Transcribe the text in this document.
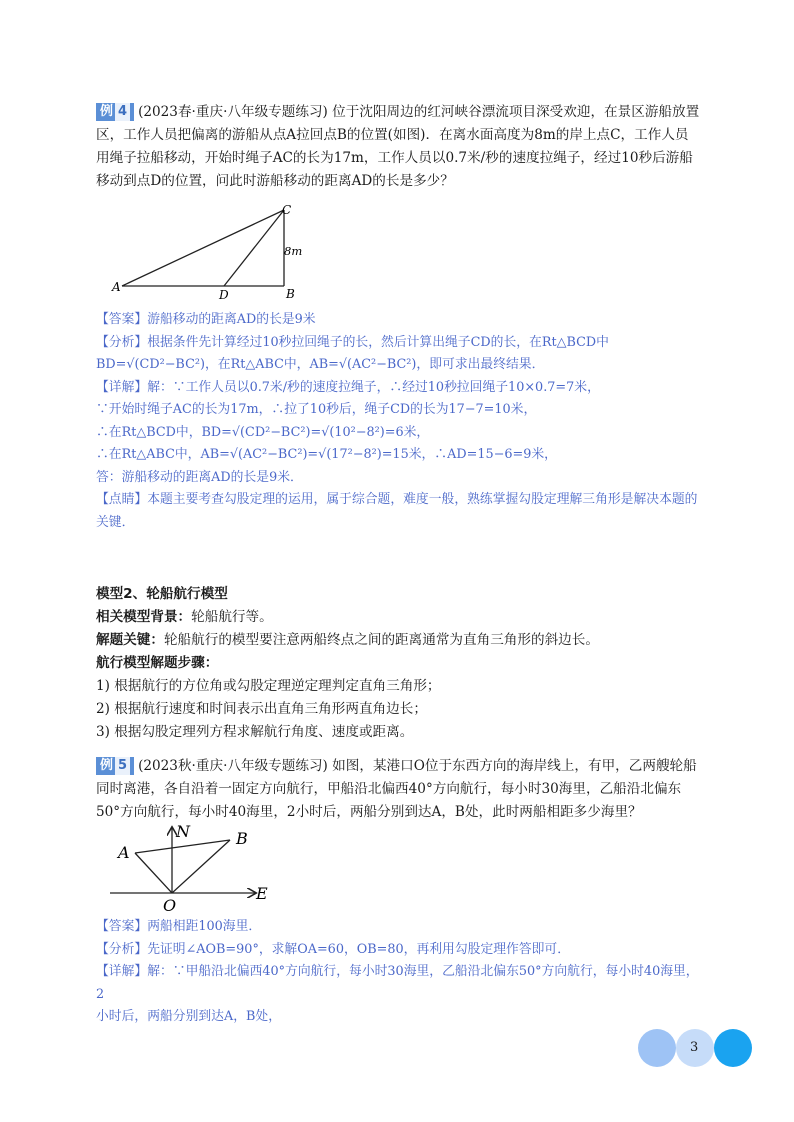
例 4 (2023春·重庆·八年级专题练习) 位于沈阳周边的红河峡谷漂流项目深受欢迎，在景区游船放置区，工作人员把偏离的游船从点A拉回点B的位置(如图)．在离水面高度为8m的岸上点C，工作人员用绳子拉船移动，开始时绳子AC的长为17m，工作人员以0.7米/秒的速度拉绳子，经过10秒后游船移动到点D的位置，问此时游船移动的距离AD的长是多少？

A	B
C
D
8m

【答案】游船移动的距离AD的长是9米

【分析】根据条件先计算经过10秒拉回绳子的长，然后计算出绳子CD的长，在Rt△BCD中BD=√(CD²−BC²)，在Rt△ABC中，AB=√(AC²−BC²)，即可求出最终结果．

【详解】解：∵工作人员以0.7米/秒的速度拉绳子，∴经过10秒拉回绳子10×0.7=7米，

∵开始时绳子AC的长为17m，∴拉了10秒后，绳子CD的长为17−7=10米，

∴在Rt△BCD中，BD=√(CD²−BC²)=√(10²−8²)=6米，

∴在Rt△ABC中，AB=√(AC²−BC²)=√(17²−8²)=15米，∴AD=15−6=9米，

答：游船移动的距离AD的长是9米．

【点睛】本题主要考查勾股定理的运用，属于综合题，难度一般，熟练掌握勾股定理解三角形是解决本题的关键．

模型2、轮船航行模型

相关模型背景：轮船航行等。

解题关键：轮船航行的模型要注意两船终点之间的距离通常为直角三角形的斜边长。

航行模型解题步骤：

1) 根据航行的方位角或勾股定理逆定理判定直角三角形；

2) 根据航行速度和时间表示出直角三角形两直角边长；

3) 根据勾股定理列方程求解航行角度、速度或距离。

例 5 (2023秋·重庆·八年级专题练习) 如图，某港口O位于东西方向的海岸线上，有甲，乙两艘轮船同时离港，各自沿着一固定方向航行，甲船沿北偏西40°方向航行，每小时30海里，乙船沿北偏东50°方向航行，每小时40海里，2小时后，两船分别到达A，B处，此时两船相距多少海里？

A
B
N
O
E

【答案】两船相距100海里．

【分析】先证明∠AOB=90°，求解OA=60，OB=80，再利用勾股定理作答即可．

【详解】解：∵甲船沿北偏西40°方向航行，每小时30海里，乙船沿北偏东50°方向航行，每小时40海里，2

小时后，两船分别到达A，B处，

3
